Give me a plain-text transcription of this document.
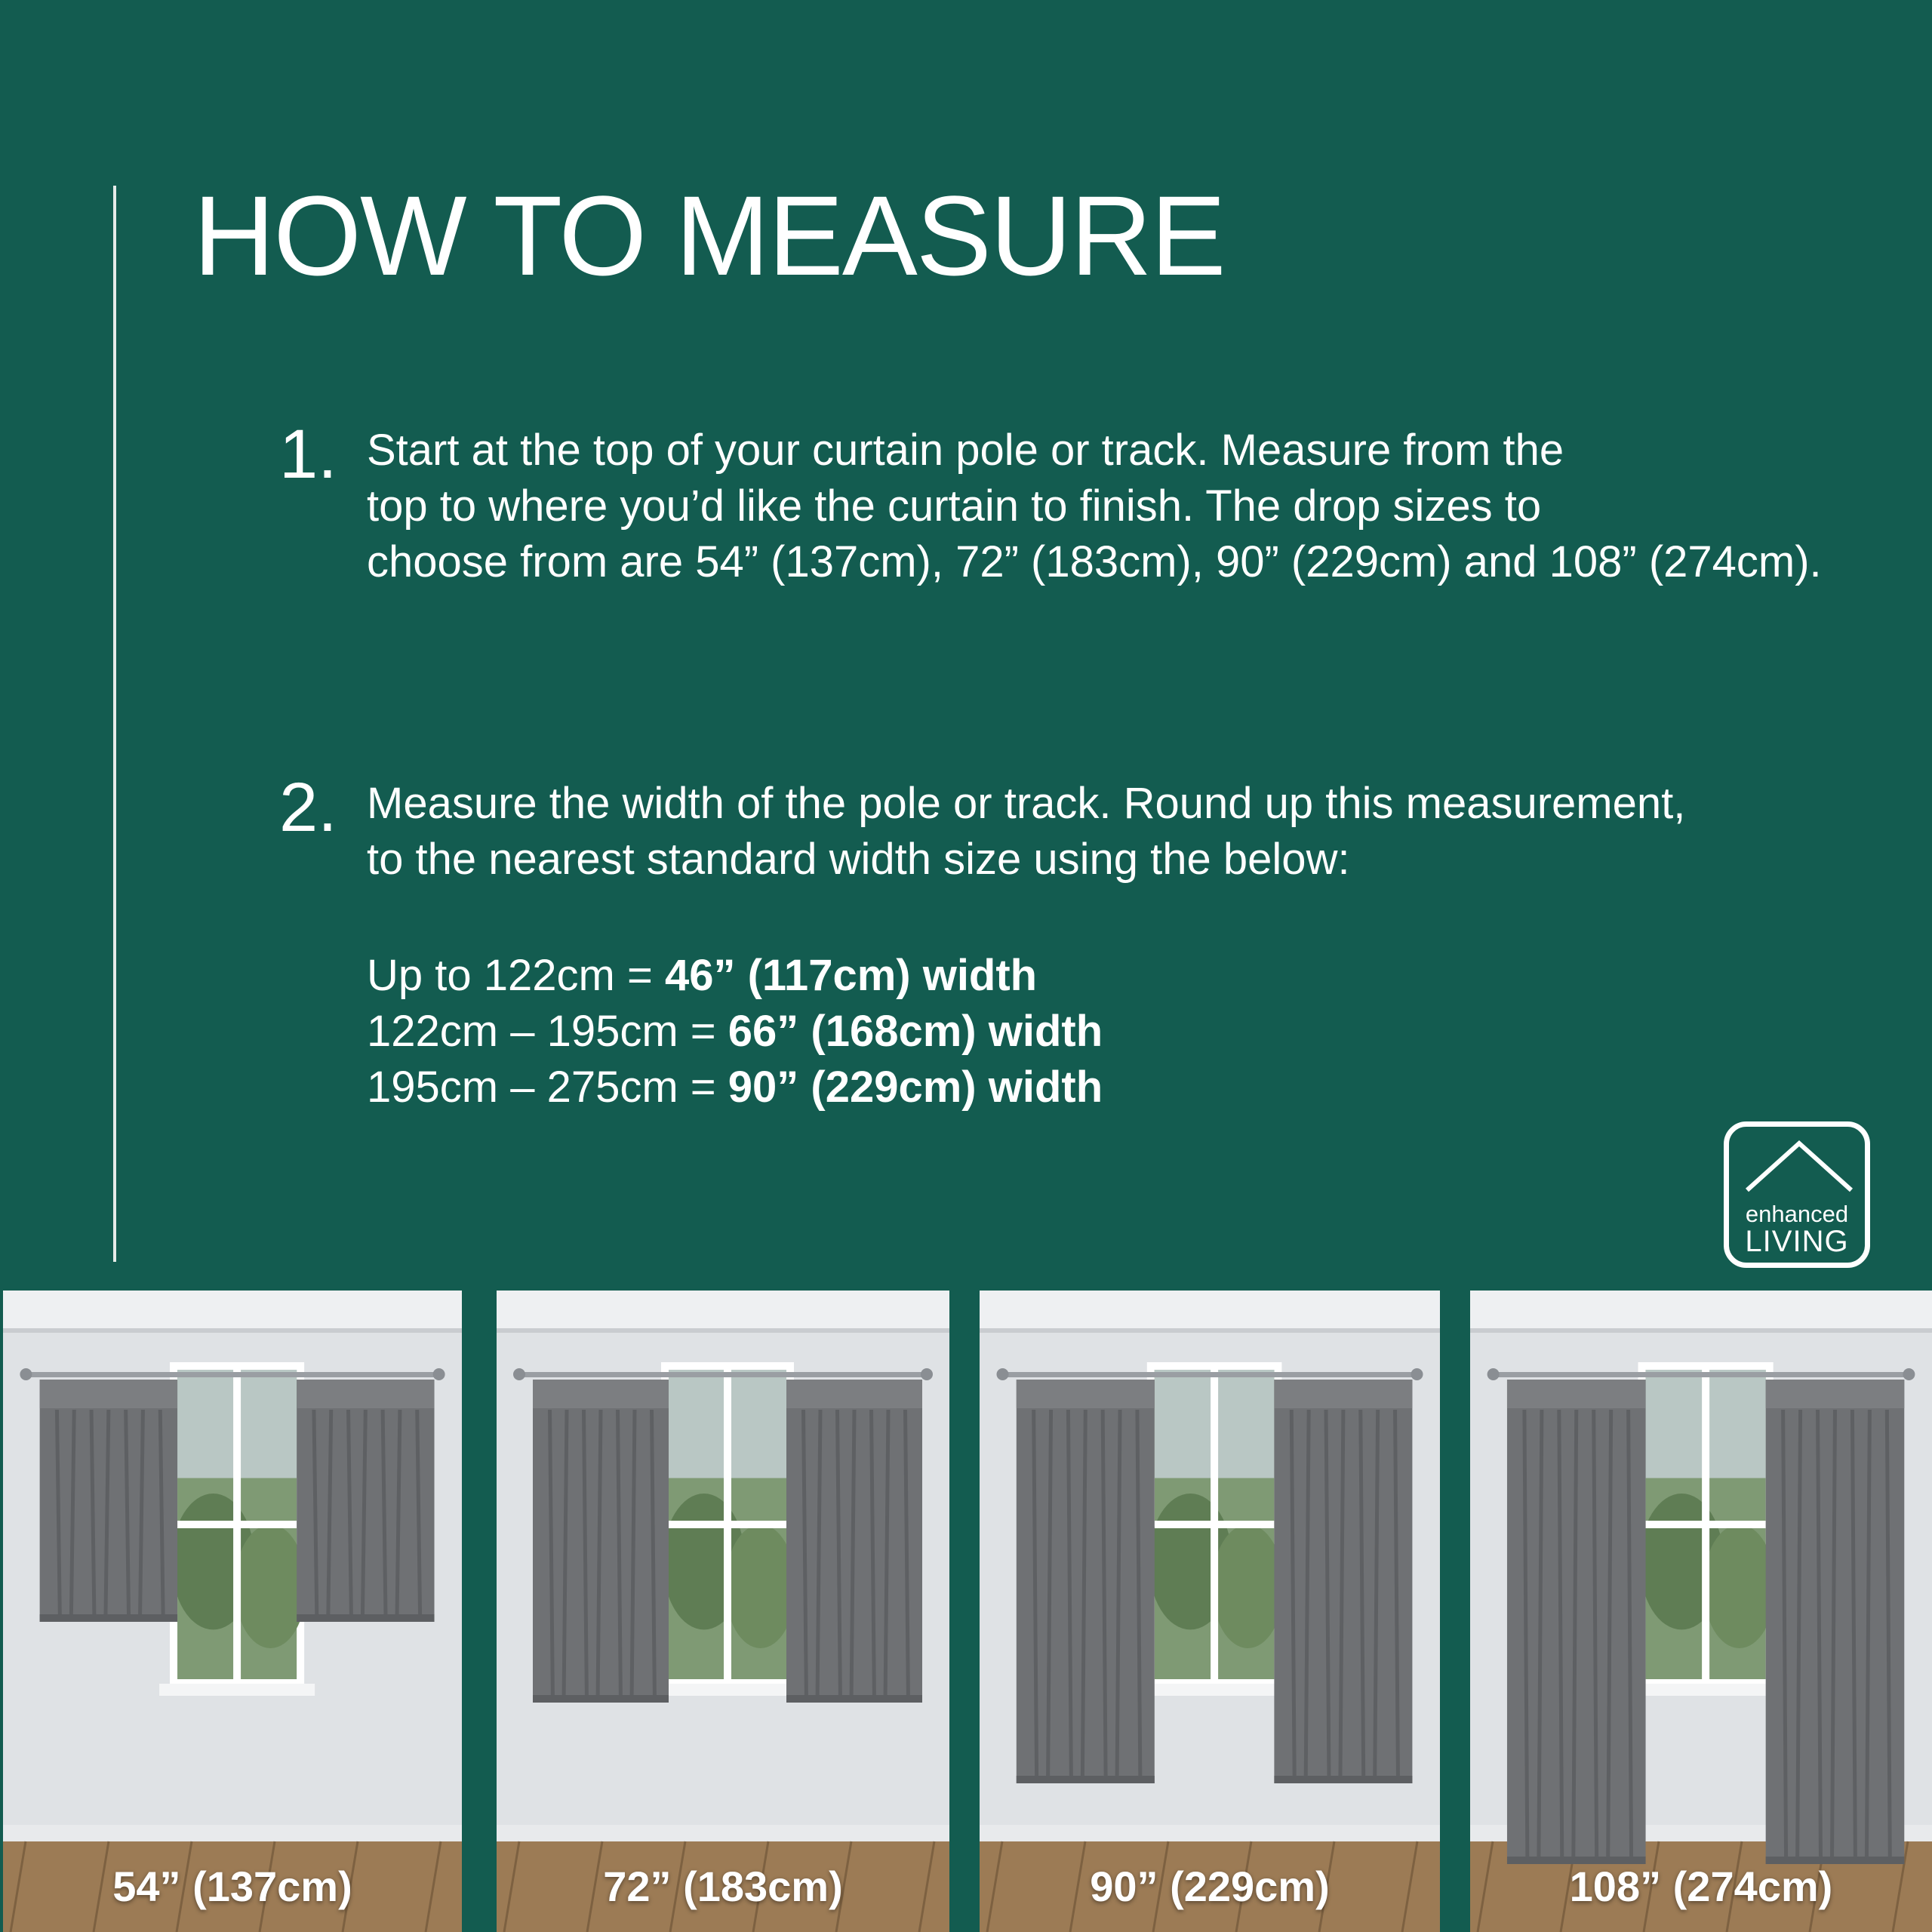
HOW TO MEASURE
1. Start at the top of your curtain pole or track. Measure from the

top to where you’d like the curtain to finish. The drop sizes to

choose from are 54” (137cm), 72” (183cm), 90” (229cm) and 108” (274cm).

2. Measure the width of the pole or track. Round up this measurement,

to the nearest standard width size using the below:

Up to 122cm = 46” (117cm) width

122cm – 195cm = 66” (168cm) width

195cm – 275cm = 90” (229cm) width

enhanced
LIVING
54” (137cm)	72” (183cm)	90” (229cm)	108” (274cm)
